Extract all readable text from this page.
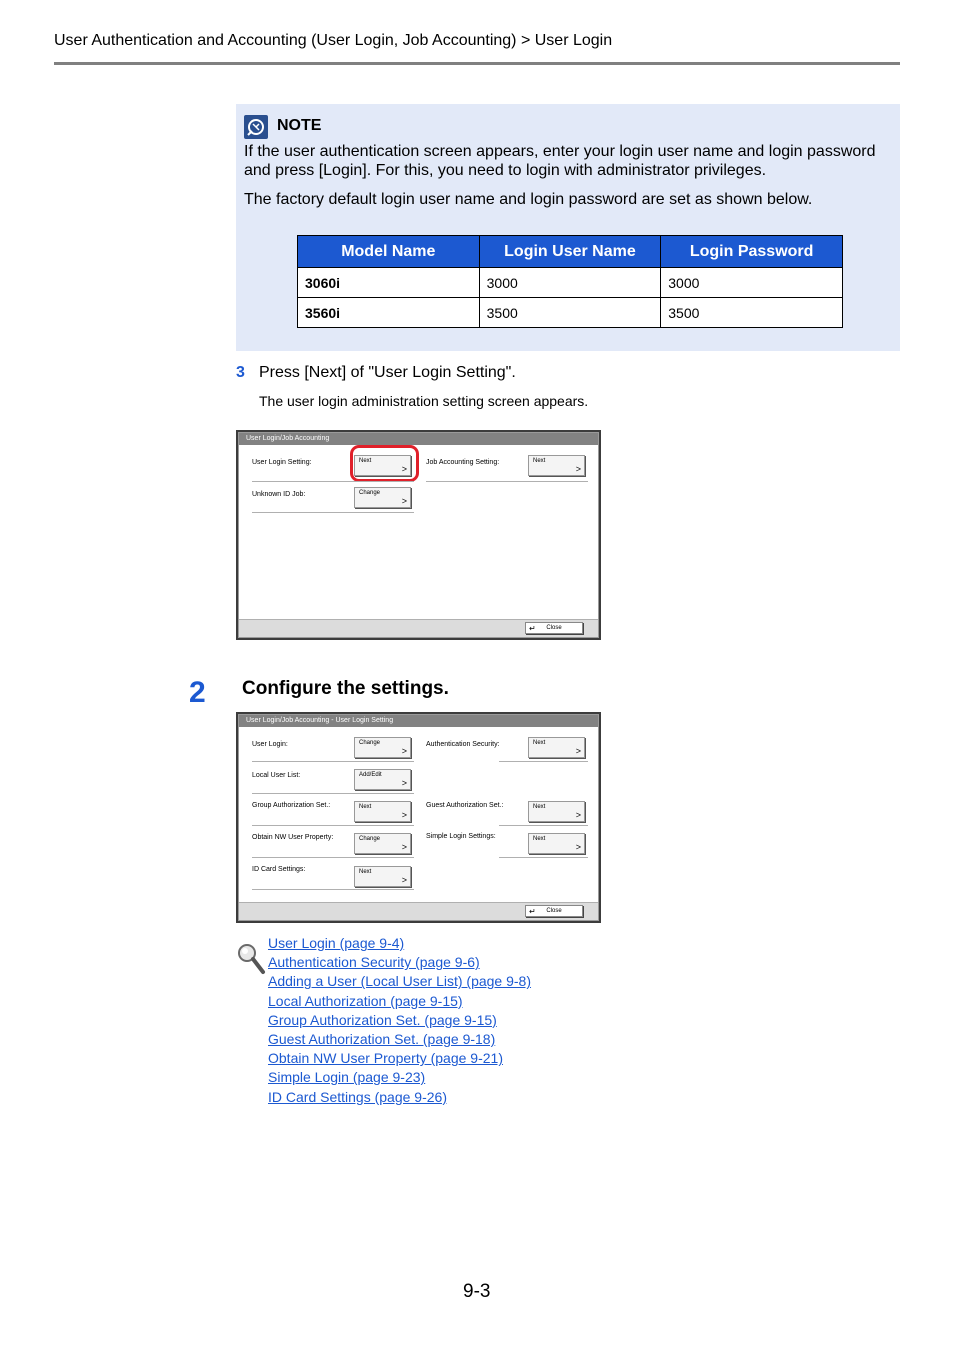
User Authentication and Accounting (User Login, Job Accounting) > User Login
NOTE
If the user authentication screen appears, enter your login user name and login password and press [Login]. For this, you need to login with administrator privileges.
The factory default login user name and login password are set as shown below.
Model Name	Login User Name	Login Password
3060i	3000	3000
3560i	3500	3500
3 Press [Next] of "User Login Setting".
The user login administration setting screen appears.
User Login/Job Accounting
User Login Setting:	Next
>
Job Accounting Setting:	Next
>
Unknown ID Job:	Change
>
↵ Close
2 Configure the settings.
User Login/Job Accounting - User Login Setting
User Login:	Change
>
Authentication Security:	Next
>
Local User List:	Add/Edit
>
Group Authorization Set.:	Next
>
Guest Authorization Set.:	Next
>
Obtain NW User Property:	Change
>
Simple Login Settings:	Next
>
ID Card Settings:	Next
>
↵ Close
User Login (page 9-4)
Authentication Security (page 9-6)
Adding a User (Local User List) (page 9-8)
Local Authorization (page 9-15)
Group Authorization Set. (page 9-15)
Guest Authorization Set. (page 9-18)
Obtain NW User Property (page 9-21)
Simple Login (page 9-23)
ID Card Settings (page 9-26)
9-3
